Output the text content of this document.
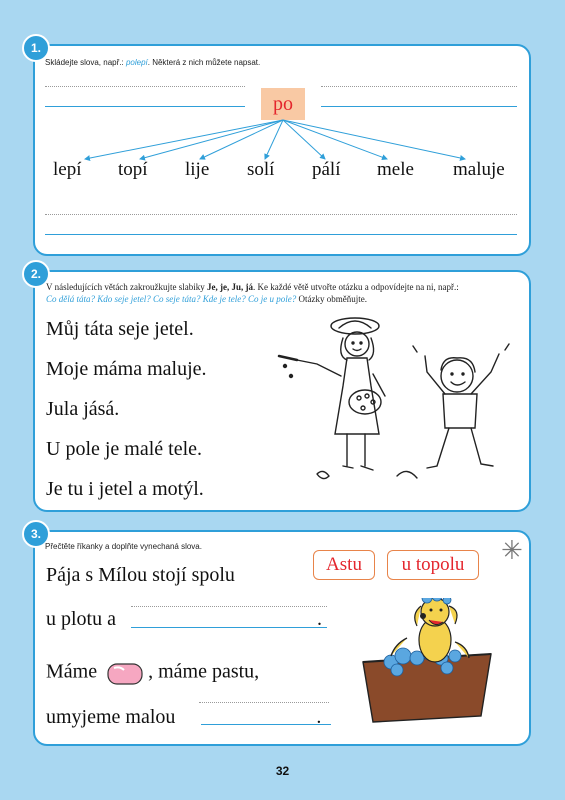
1.
Skládejte slova, např.: polepí. Některá z nich můžete napsat.
po
lepí topí lije solí pálí mele maluje
2.
V následujících větách zakroužkujte slabiky Je, je, Ju, já. Ke každé větě utvořte otázku a odpovídejte na ni, např.:
Co dělá táta? Kdo seje jetel? Co seje táta? Kde je tele? Co je u pole? Otázky obměňujte.
Můj táta seje jetel.
Moje máma maluje.
Jula jásá.
U pole je malé tele.
Je tu i jetel a motýl.
3.
Přečtěte říkanky a doplňte vynechaná slova.
Astu	u topolu	✳
Pája s Mílou stojí spolu
u plotu a	.
Máme	, máme pastu,
umyjeme malou	.
32
